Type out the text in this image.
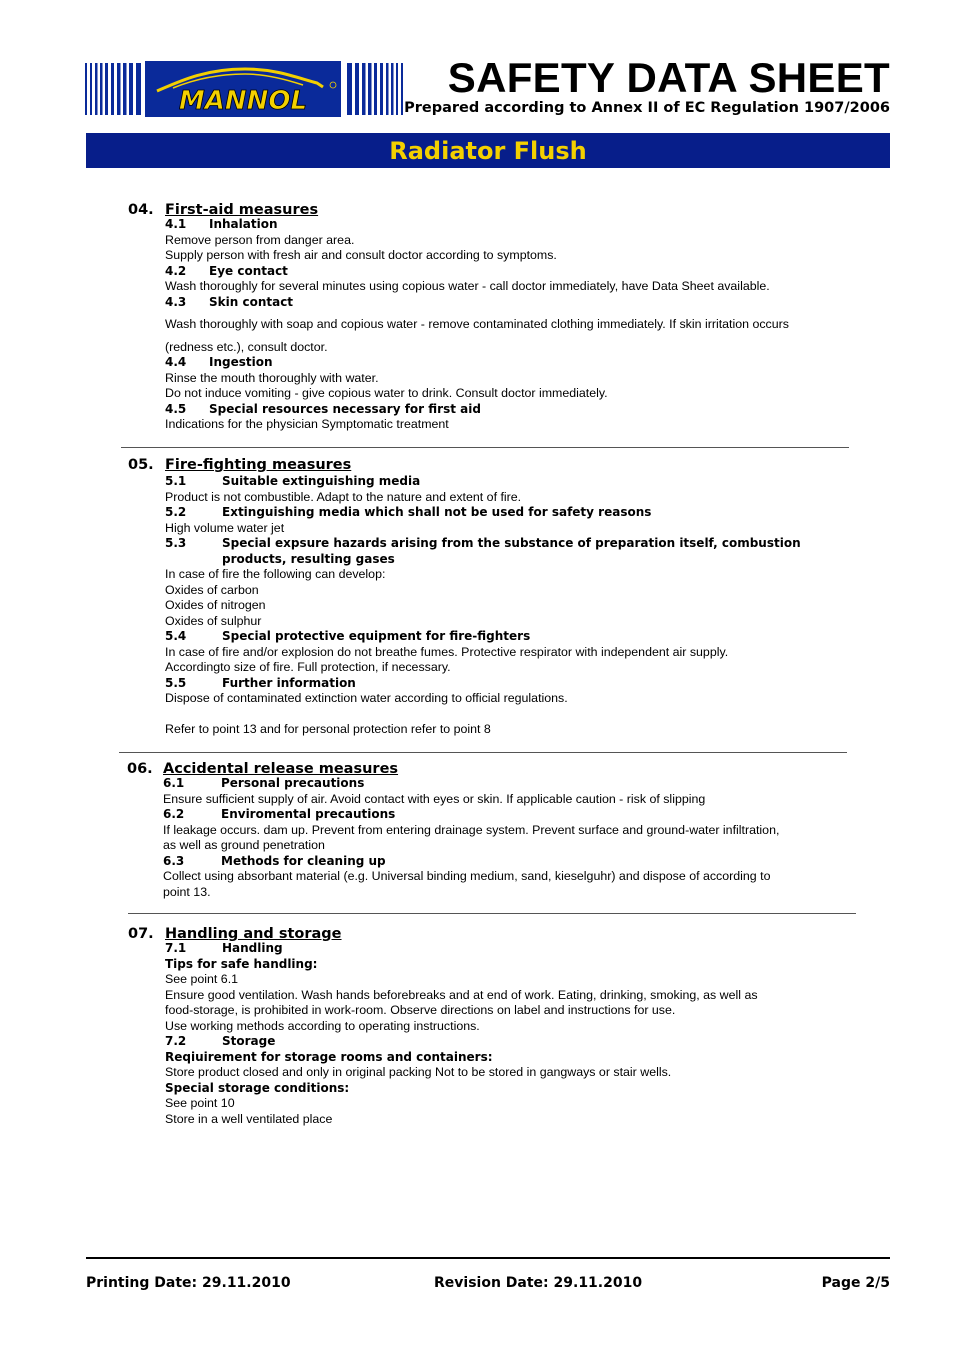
MANNOL	SAFETY DATA SHEET
Prepared according to Annex II of EC Regulation 1907/2006
Radiator Flush
04. First-aid measures
4.1 Inhalation
Remove person from danger area.
Supply person with fresh air and consult doctor according to symptoms.
4.2 Eye contact
Wash thoroughly for several minutes using copious water - call doctor immediately, have Data Sheet available.
4.3 Skin contact
Wash thoroughly with soap and copious water - remove contaminated clothing immediately. If skin irritation occurs
(redness etc.), consult doctor.
4.4 Ingestion
Rinse the mouth thoroughly with water.
Do not induce vomiting - give copious water to drink. Consult doctor immediately.
4.5 Special resources necessary for first aid
Indications for the physician Symptomatic treatment
05. Fire-fighting measures
5.1	Suitable extinguishing media
Product is not combustible. Adapt to the nature and extent of fire.
5.2	Extinguishing media which shall not be used for safety reasons
High volume water jet
5.3	Special expsure hazards arising from the substance of preparation itself, combustion
products, resulting gases
In case of fire the following can develop:
Oxides of carbon
Oxides of nitrogen
Oxides of sulphur
5.4	Special protective equipment for fire-fighters
In case of fire and/or explosion do not breathe fumes. Protective respirator with independent air supply.
Accordingto size of fire. Full protection, if necessary.
5.5	Further information
Dispose of contaminated extinction water according to official regulations.
Refer to point 13 and for personal protection refer to point 8
06. Accidental release measures
6.1	Personal precautions
Ensure sufficient supply of air. Avoid contact with eyes or skin. If applicable caution - risk of slipping
6.2	Enviromental precautions
If leakage occurs. dam up. Prevent from entering drainage system. Prevent surface and ground-water infiltration,
as well as ground penetration
6.3	Methods for cleaning up
Collect using absorbant material (e.g. Universal binding medium, sand, kieselguhr) and dispose of according to
point 13.
07. Handling and storage
7.1	Handling
Tips for safe handling:
See point 6.1
Ensure good ventilation. Wash hands beforebreaks and at end of work. Eating, drinking, smoking, as well as
food-storage, is prohibited in work-room. Observe directions on label and instructions for use.
Use working methods according to operating instructions.
7.2	Storage
Reqiuirement for storage rooms and containers:
Store product closed and only in original packing Not to be stored in gangways or stair wells.
Special storage conditions:
See point 10
Store in a well ventilated place
Printing Date: 29.11.2010	Revision Date: 29.11.2010	Page 2/5
